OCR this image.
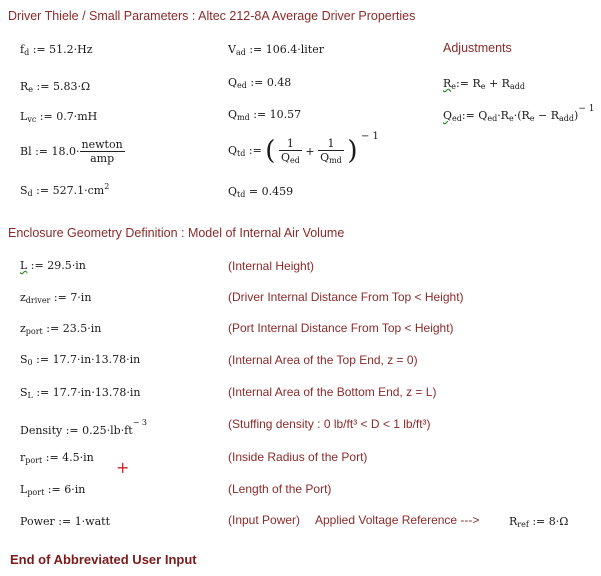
Driver Thiele / Small Parameters : Altec 212-8A Average Driver Properties
Adjustments
$f_d$ := 51.2·Hz
$R_e$ := 5.83·Ω
$L_{vc}$ := 0.7·mH
Bl := $18.0\cdot \frac{\text{newton}}{\text{amp}}$
$S_d$ := $527.1\cdot cm^2$
$V_{ad}$ := 106.4·liter
$Q_{ed}$ := 0.48
$Q_{md}$ := 10.57
$Q_{td}$ := ( $\frac{1}{Q_{ed}} + \frac{1}{Q_{md}}$ ) − 1
$Q_{td} = 0.459$
$R_e:= R_e + R_{add}$
$Q_{ed}:= Q_{ed}\cdot R_e\cdot(R_e - R_{add})^{- 1}$
Enclosure Geometry Definition : Model of Internal Air Volume
L := 29.5·in
$z_{driver}$ := 7·in
$z_{port}$ := 23.5·in
$S_0$ := 17.7·in·13.78·in
$S_L$ := 17.7·in·13.78·in
Density := $0.25\cdot lb\cdot ft^{- 3}$
$r_{port}$ := 4.5·in
$L_{port}$ := 6·in
Power := 1·watt
+
(Internal Height)
(Driver Internal Distance From Top < Height)
(Port Internal Distance From Top < Height)
(Internal Area of the Top End, z = 0)
(Internal Area of the Bottom End, z = L)
(Stuffing density : 0 lb/ft³ < D < 1 lb/ft³)
(Inside Radius of the Port)
(Length of the Port)
(Input Power) Applied Voltage Reference --->	$R_{ref}$ := 8·Ω
End of Abbreviated User Input
